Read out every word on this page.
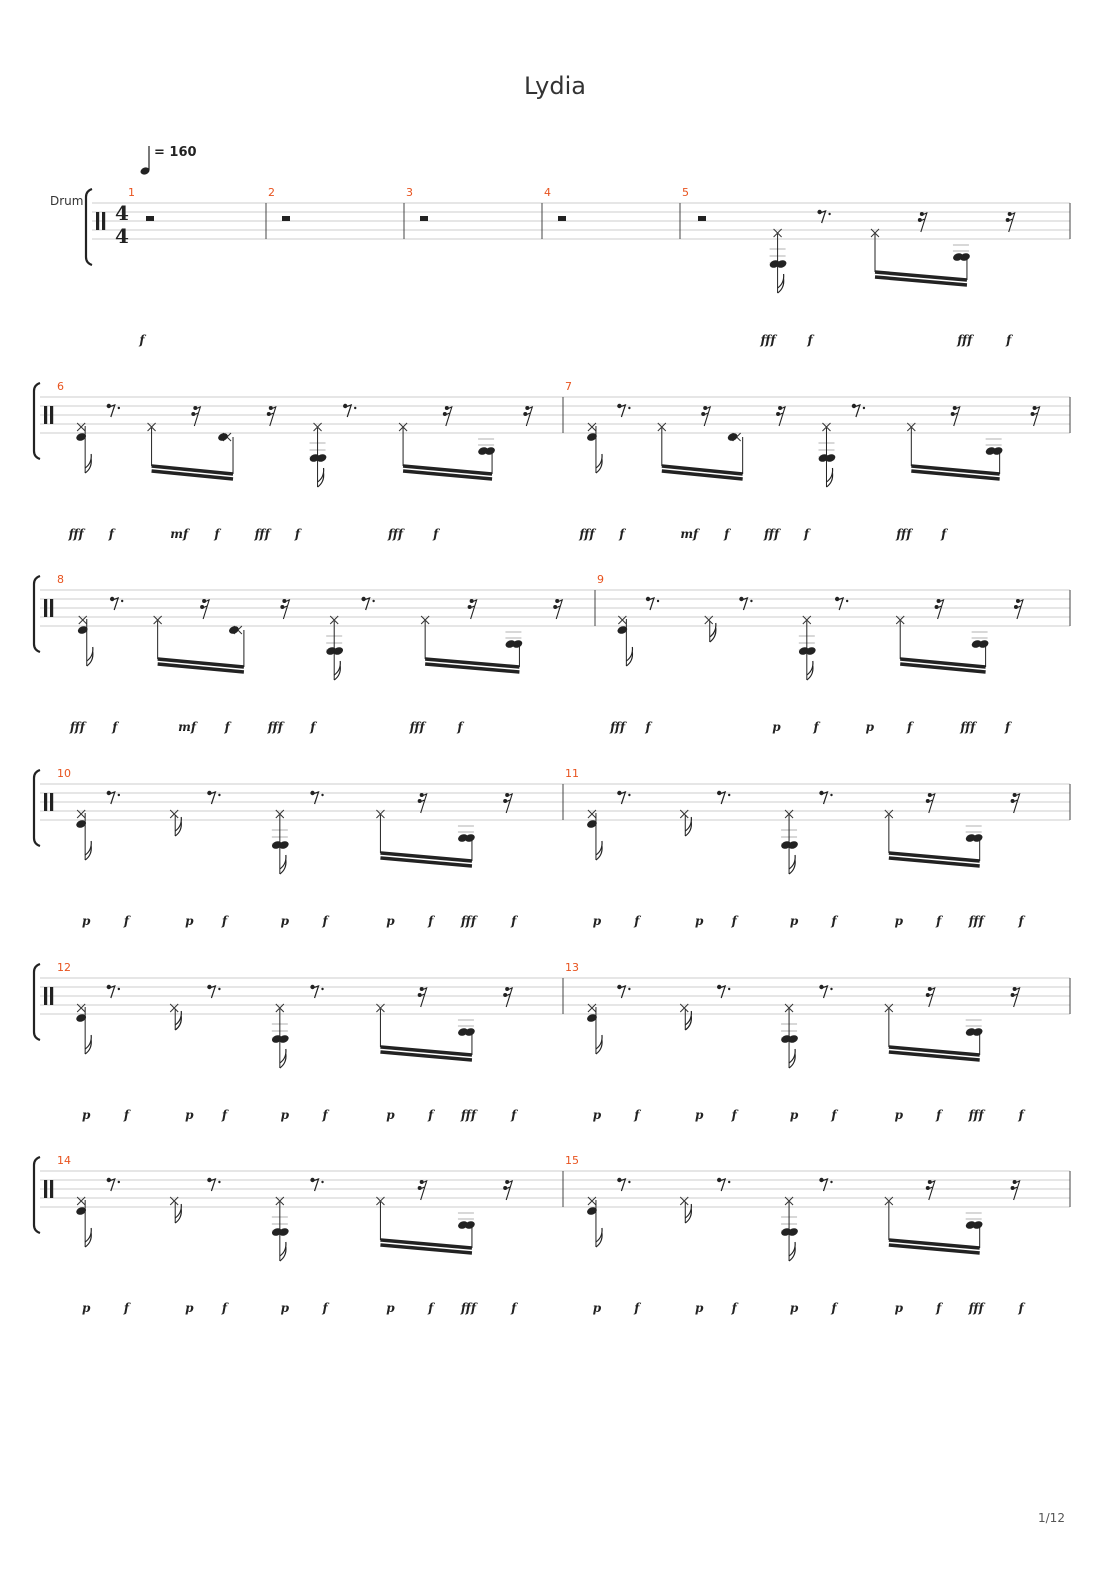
Lydia
= 160
Drum 4
4
1
f
2	3	4	5
fff	f	fff	f
6
fff f	mf f	fff f	fff	f
7
fff f	mf f	fff f	fff f
8
fff f	mf f	fff f	fff	f
9
fff f	p	f	p	f	fff f
10
p	f	p f	p	f	p	f fff	f
11
p	f	p f	p	f	p	f fff	f
12
p	f	p f	p	f	p	f fff	f
13
p	f	p f	p	f	p	f fff	f
14
p	f	p f	p	f	p	f fff	f
15
p	f	p f	p	f	p	f fff	f
1/12
